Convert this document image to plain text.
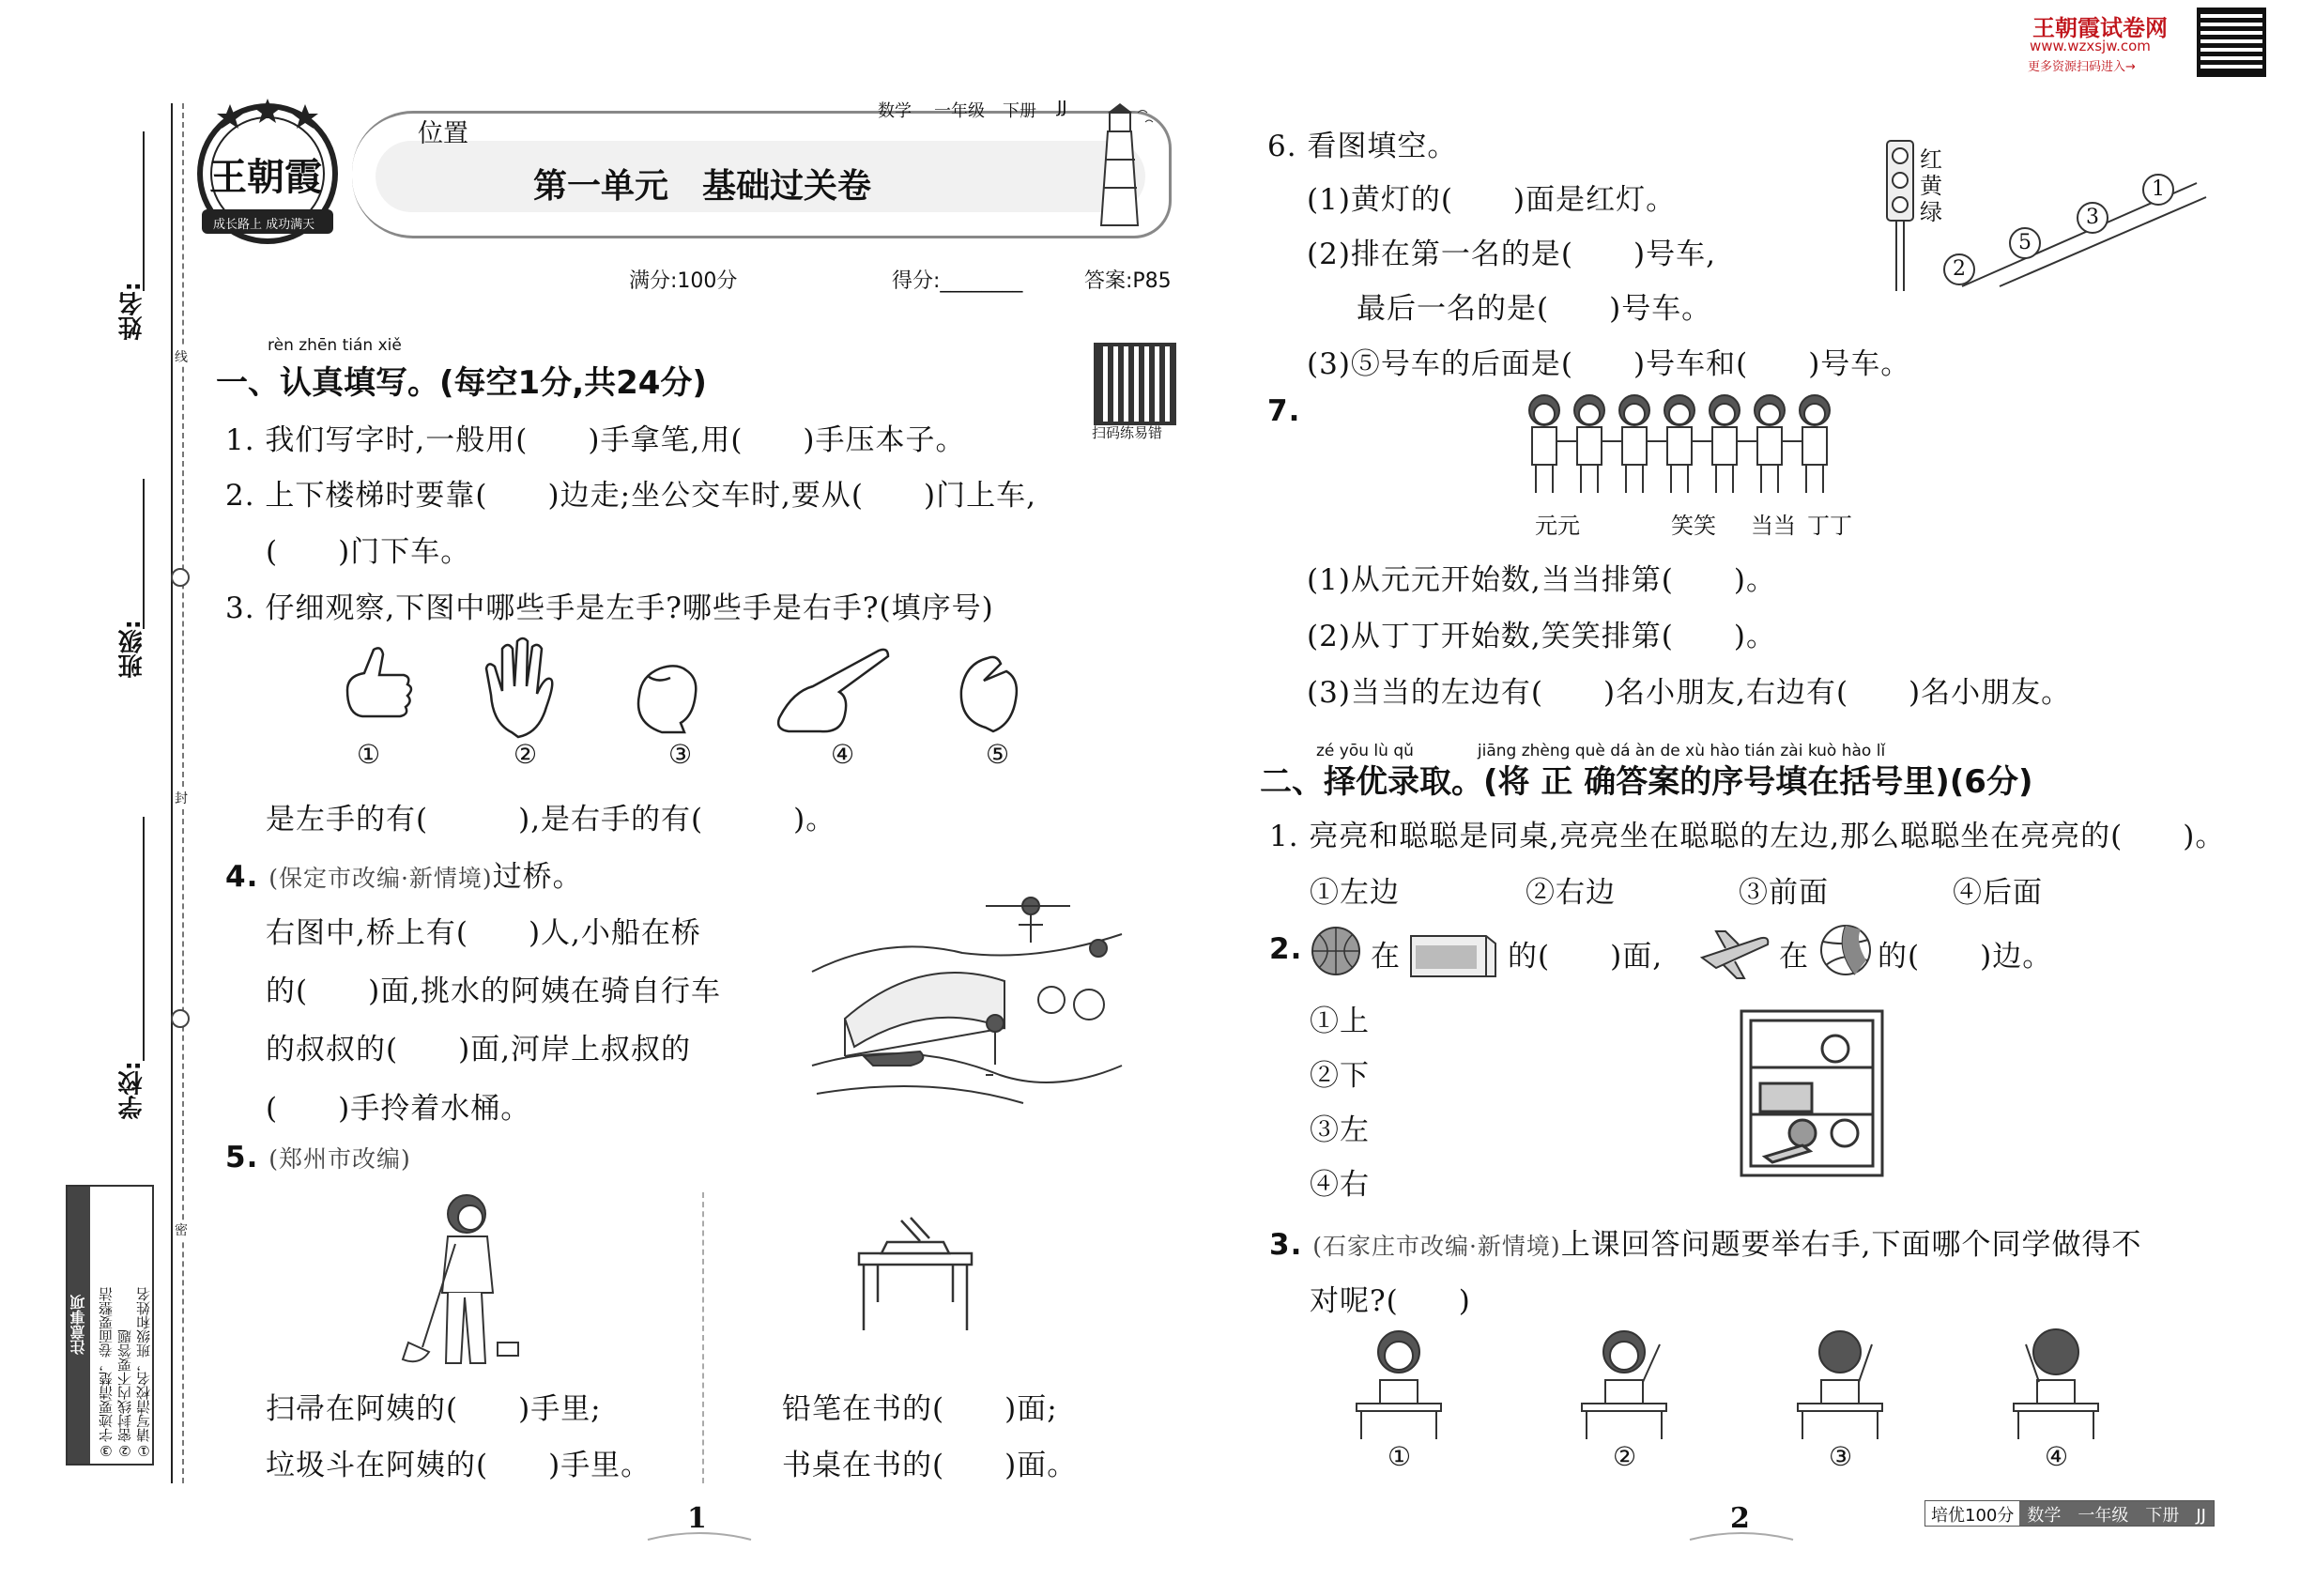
线
封
密
姓名:
班级:
学校:
注意事项 ③字迹要清楚，卷面要整洁 ②密封线内不要答题 ①请写清校名，班级和姓名
王朝霞
成长路上 成功满天
位置
数学 一年级 下册 JJ
第一单元　基础过关卷
满分:100分	得分:________	答案:P85
扫码练易错
王朝霞试卷网
www.wzxsjw.com
更多资源扫码进入→
rèn zhēn tián xiě
一、认真填写。(每空1分,共24分)
1. 我们写字时,一般用(　　)手拿笔,用(　　)手压本子。
2. 上下楼梯时要靠(　　)边走;坐公交车时,要从(　　)门上车,
(　　)门下车。
3. 仔细观察,下图中哪些手是左手?哪些手是右手?(填序号)
①	②	③	④	⑤
是左手的有(　　　),是右手的有(　　　)。
4. (保定市改编·新情境)过桥。
右图中,桥上有(　　)人,小船在桥
的(　　)面,挑水的阿姨在骑自行车
的叔叔的(　　)面,河岸上叔叔的
(　　)手拎着水桶。
5. (郑州市改编)
扫帚在阿姨的(　　)手里;
垃圾斗在阿姨的(　　)手里。
铅笔在书的(　　)面;
书桌在书的(　　)面。
1
6. 看图填空。
(1)黄灯的(　　)面是红灯。
(2)排在第一名的是(　　)号车,
最后一名的是(　　)号车。
(3)⑤号车的后面是(　　)号车和(　　)号车。
红
黄
绿
1
3
5
2
7.
元元	笑笑 当当 丁丁
(1)从元元开始数,当当排第(　　)。
(2)从丁丁开始数,笑笑排第(　　)。
(3)当当的左边有(　　)名小朋友,右边有(　　)名小朋友。
zé yōu lù qǔ　　　　jiāng zhèng què dá àn de xù hào tián zài kuò hào lǐ
二、择优录取。(将 正 确答案的序号填在括号里)(6分)
1. 亮亮和聪聪是同桌,亮亮坐在聪聪的左边,那么聪聪坐在亮亮的(　　)。
①左边	②右边	③前面	④后面
2. 在	的(　　)面,	在 的(　　)边。
①上
②下
③左
④右
3. (石家庄市改编·新情境)上课回答问题要举右手,下面哪个同学做得不
对呢?(　　)
①	②	③	④
2	培优100分 数学　一年级　下册　JJ
